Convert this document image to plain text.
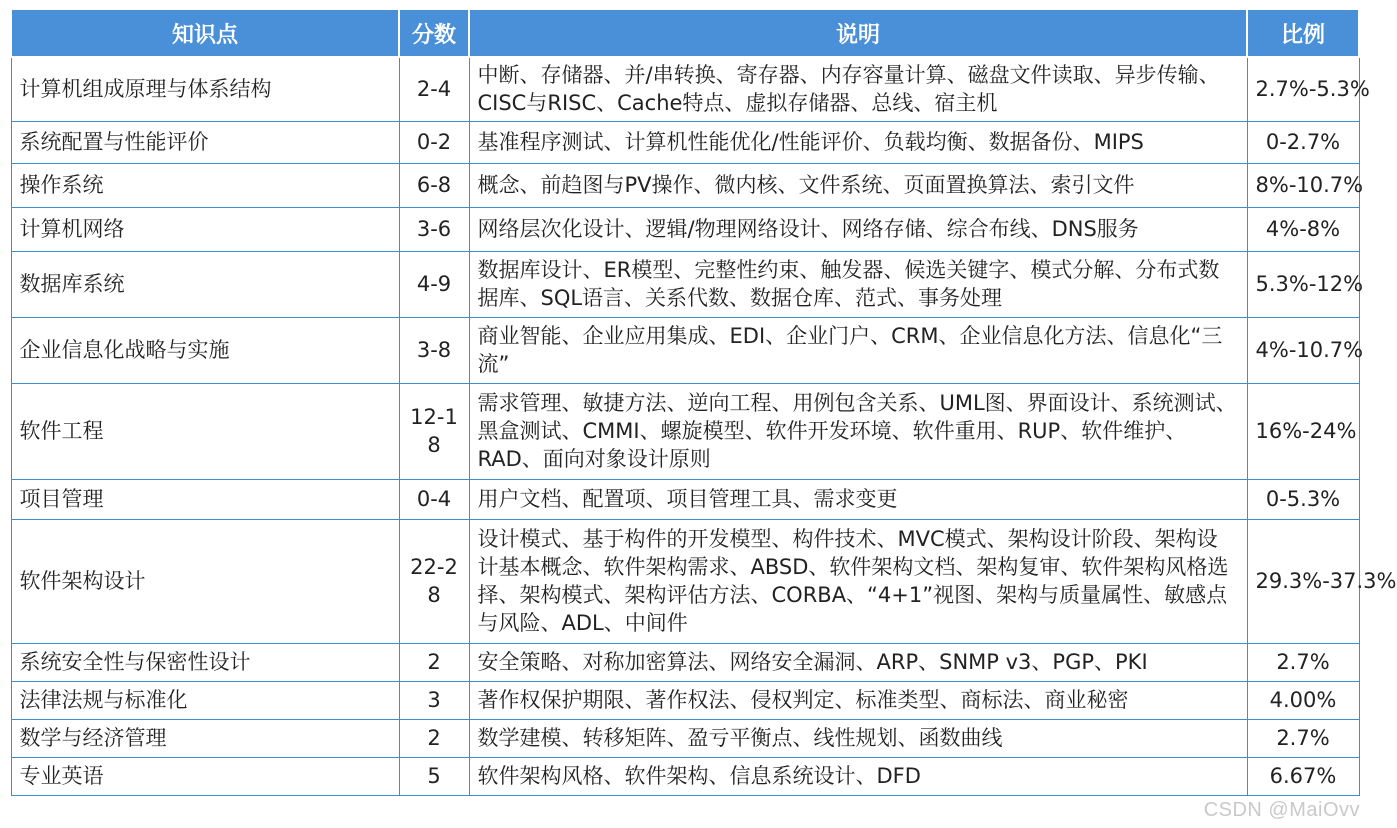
知识点	分数	说明	比例
计算机组成原理与体系结构	2-4	中断、存储器、并/串转换、寄存器、内存容量计算、磁盘文件读取、异步传输、CISC与RISC、Cache特点、虚拟存储器、总线、宿主机	2.7%-5.3%
系统配置与性能评价	0-2	基准程序测试、计算机性能优化/性能评价、负载均衡、数据备份、MIPS	0-2.7%
操作系统	6-8	概念、前趋图与PV操作、微内核、文件系统、页面置换算法、索引文件	8%-10.7%
计算机网络	3-6	网络层次化设计、逻辑/物理网络设计、网络存储、综合布线、DNS服务	4%-8%
数据库系统	4-9	数据库设计、ER模型、完整性约束、触发器、候选关键字、模式分解、分布式数据库、SQL语言、关系代数、数据仓库、范式、事务处理	5.3%-12%
企业信息化战略与实施	3-8	商业智能、企业应用集成、EDI、企业门户、CRM、企业信息化方法、信息化“三流”	4%-10.7%
软件工程	12-18	需求管理、敏捷方法、逆向工程、用例包含关系、UML图、界面设计、系统测试、黑盒测试、CMMI、螺旋模型、软件开发环境、软件重用、RUP、软件维护、RAD、面向对象设计原则	16%-24%
项目管理	0-4	用户文档、配置项、项目管理工具、需求变更	0-5.3%
软件架构设计	22-28	设计模式、基于构件的开发模型、构件技术、MVC模式、架构设计阶段、架构设计基本概念、软件架构需求、ABSD、软件架构文档、架构复审、软件架构风格选择、架构模式、架构评估方法、CORBA、“4+1”视图、架构与质量属性、敏感点与风险、ADL、中间件	29.3%-37.3%
系统安全性与保密性设计	2	安全策略、对称加密算法、网络安全漏洞、ARP、SNMP v3、PGP、PKI	2.7%
法律法规与标准化	3	著作权保护期限、著作权法、侵权判定、标准类型、商标法、商业秘密	4.00%
数学与经济管理	2	数学建模、转移矩阵、盈亏平衡点、线性规划、函数曲线	2.7%
专业英语	5	软件架构风格、软件架构、信息系统设计、DFD	6.67%
CSDN @MaiOvv
